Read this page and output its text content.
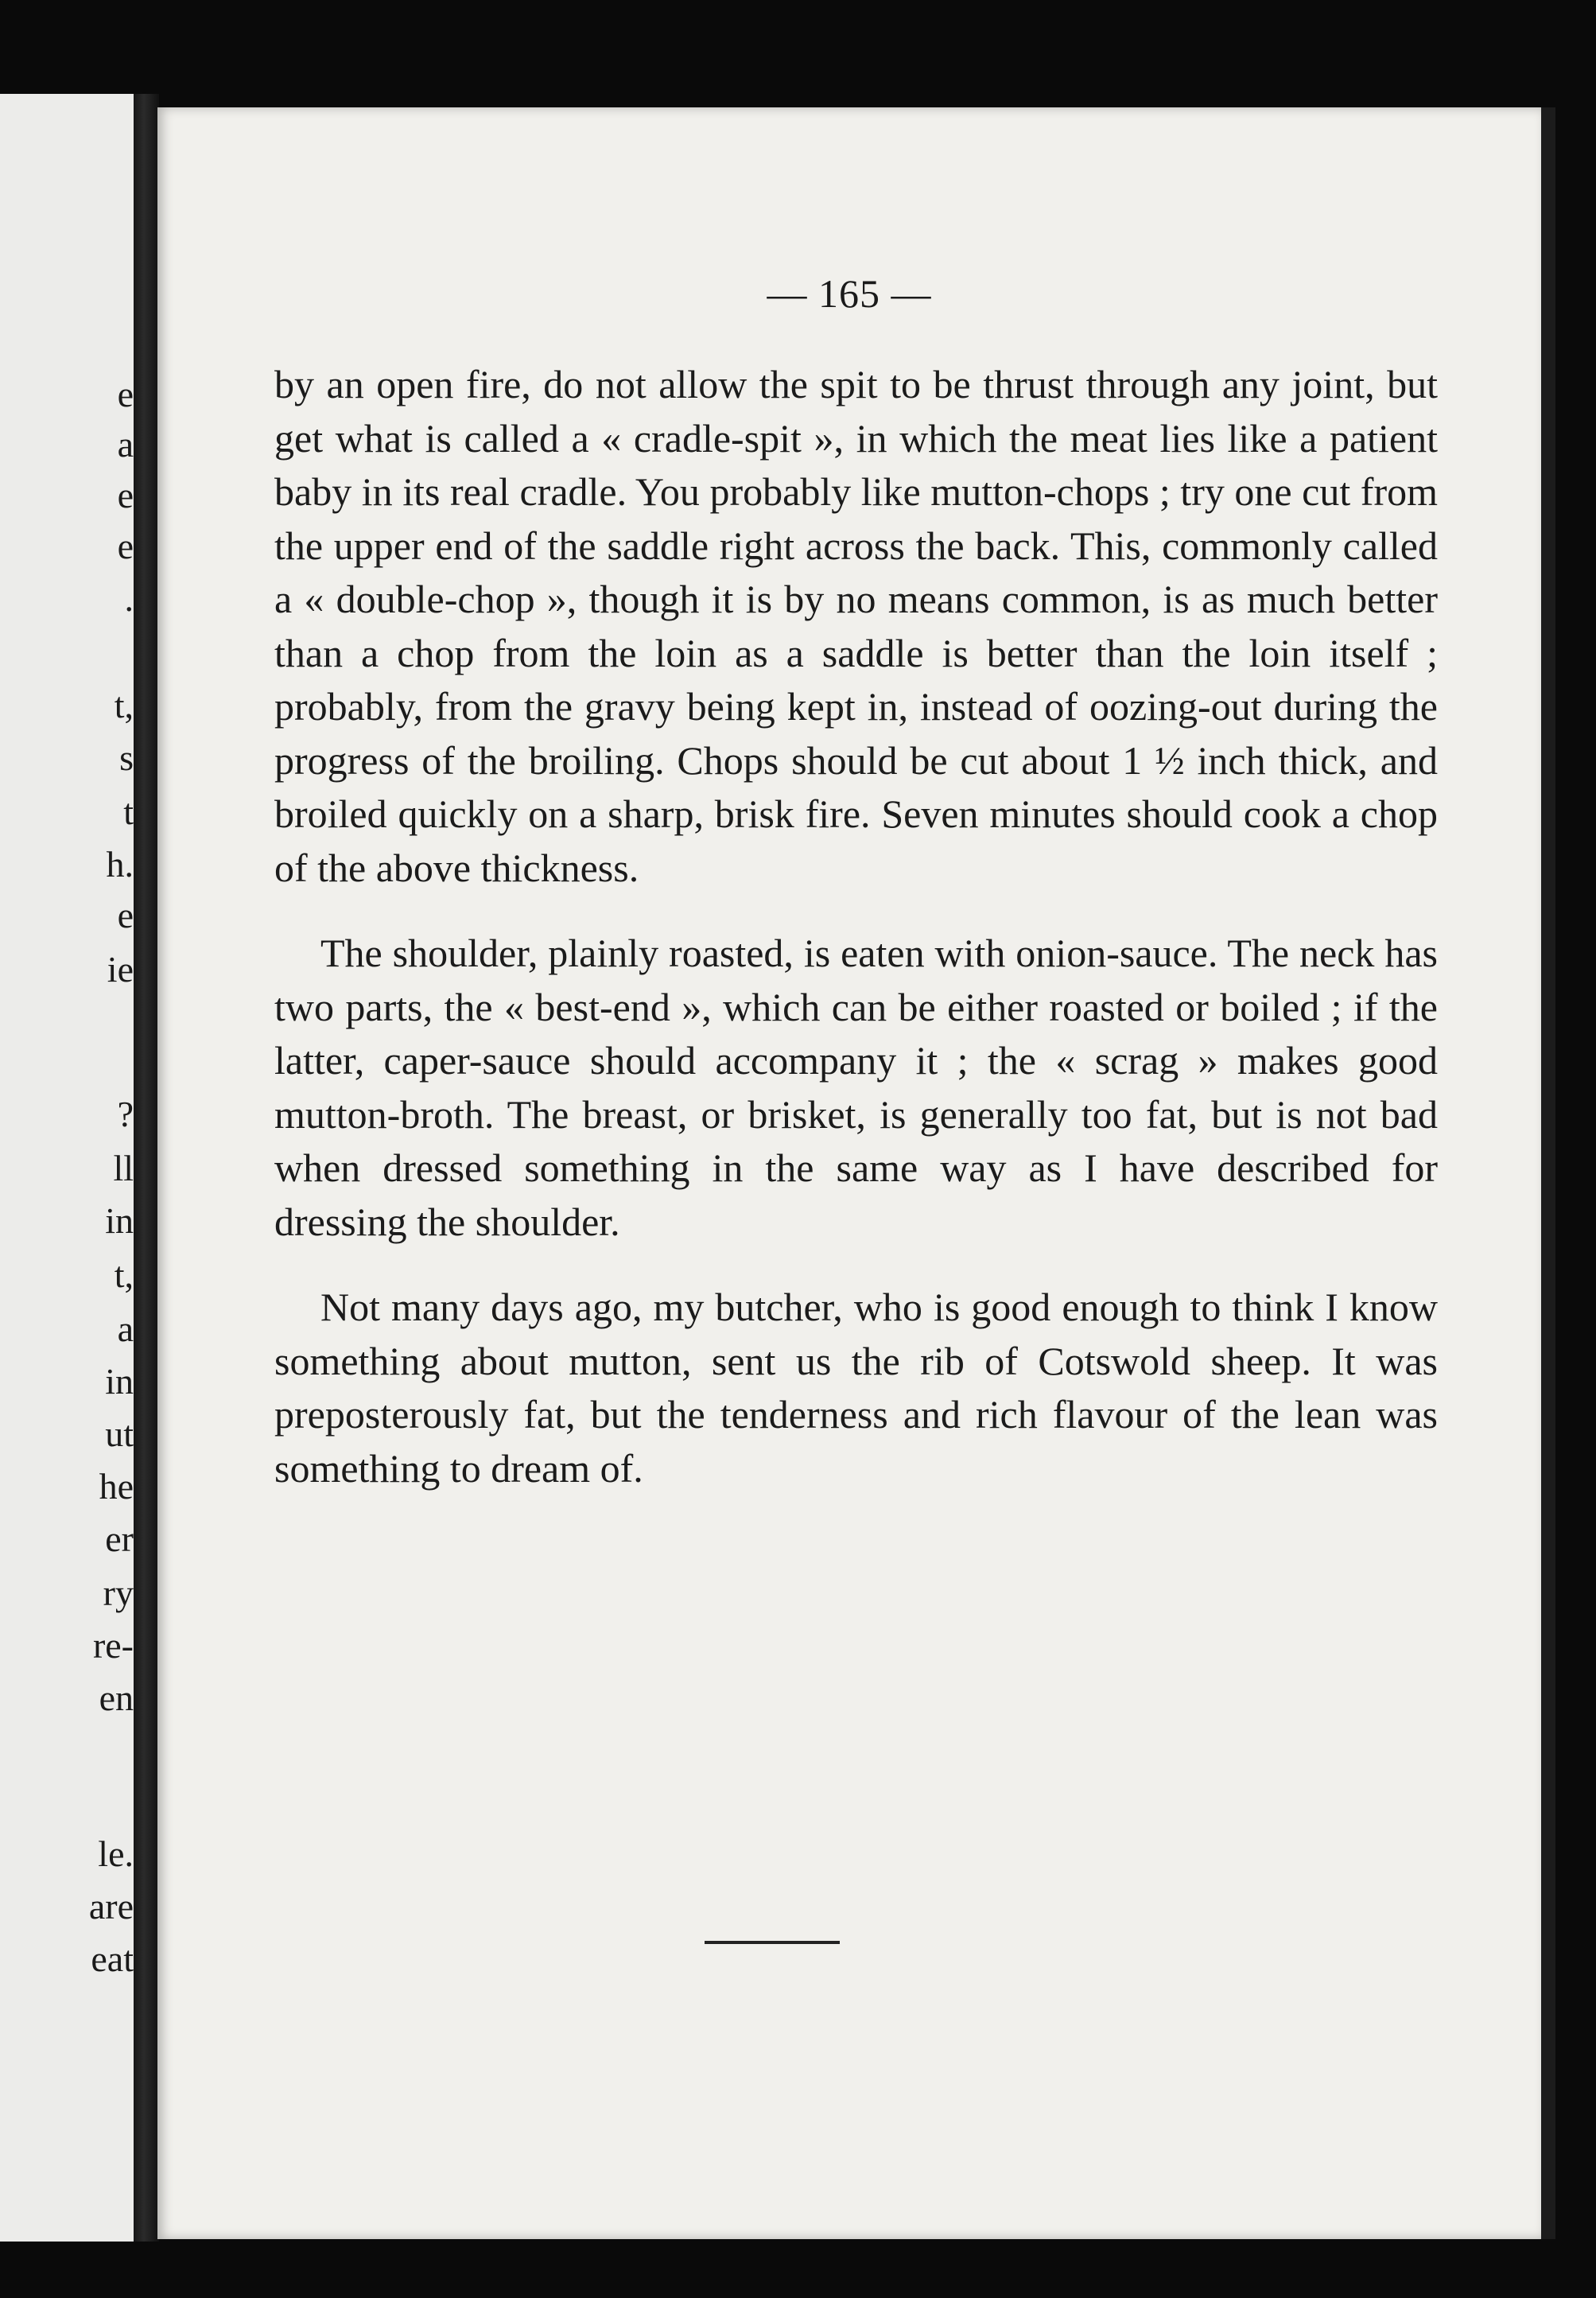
e
a
e
e
.
t,
s
t
h.
e
ie
?
ll
in
t,
a
in
ut
he
er
ry
re-
en
le.
are
eat
— 165 —

by an open fire, do not allow the spit to be thrust through any joint, but get what is called a « cradle-spit », in which the meat lies like a patient baby in its real cradle. You probably like mutton-chops ; try one cut from the upper end of the saddle right across the back. This, commonly called a « double-chop », though it is by no means common, is as much better than a chop from the loin as a saddle is better than the loin itself ; probably, from the gravy being kept in, instead of oozing-out during the progress of the broiling. Chops should be cut about 1 ½ inch thick, and broiled quickly on a sharp, brisk fire. Seven minutes should cook a chop of the above thickness.

The shoulder, plainly roasted, is eaten with onion-sauce. The neck has two parts, the « best-end », which can be either roasted or boiled ; if the latter, caper-sauce should accompany it ; the « scrag » makes good mutton-broth. The breast, or brisket, is generally too fat, but is not bad when dressed something in the same way as I have described for dressing the shoulder.

Not many days ago, my butcher, who is good enough to think I know something about mutton, sent us the rib of Cotswold sheep. It was preposterously fat, but the tenderness and rich flavour of the lean was something to dream of.
